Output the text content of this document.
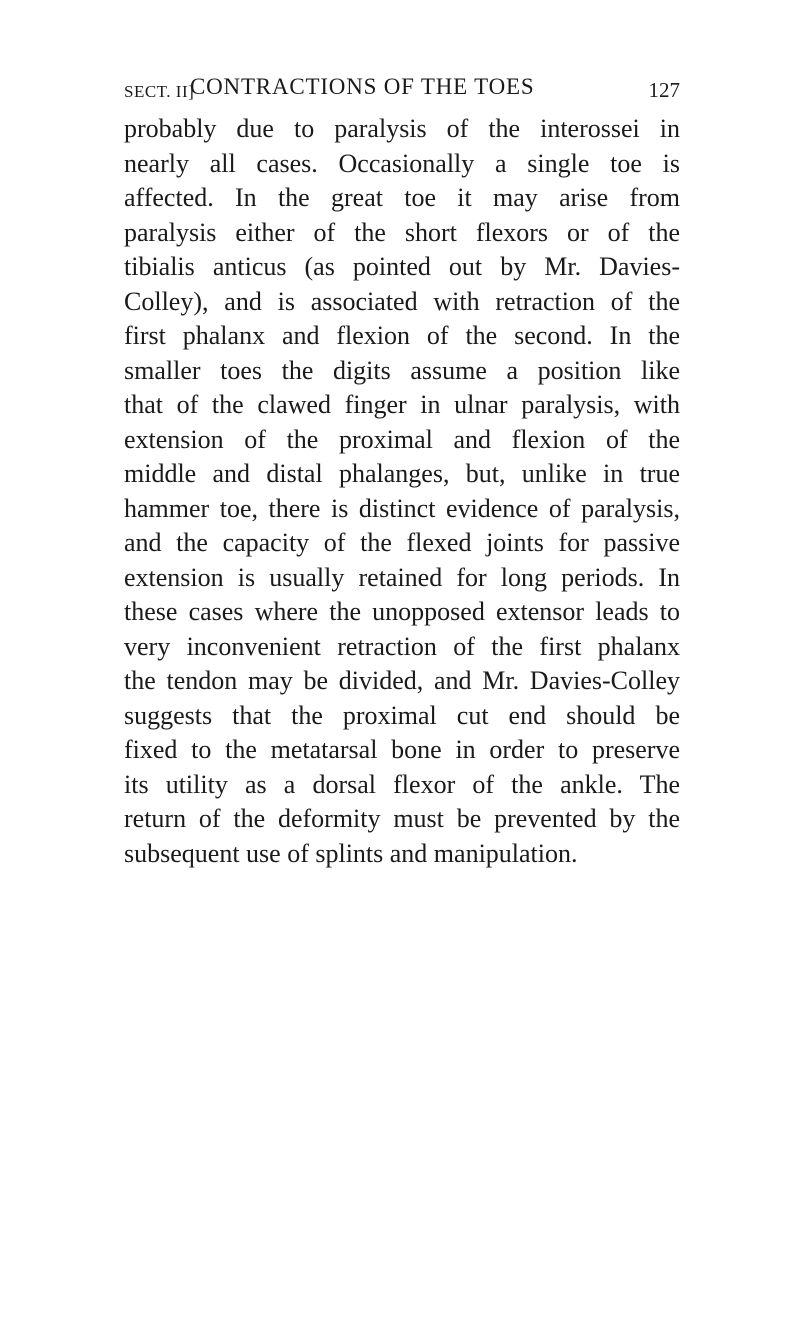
SECT. II]
CONTRACTIONS OF THE TOES	127
probably due to paralysis of the interossei in
nearly all cases. Occasionally a single toe is
affected. In the great toe it may arise from
paralysis either of the short flexors or of the
tibialis anticus (as pointed out by Mr. Davies-
Colley), and is associated with retraction of the
first phalanx and flexion of the second. In the
smaller toes the digits assume a position like
that of the clawed finger in ulnar paralysis, with
extension of the proximal and flexion of the
middle and distal phalanges, but, unlike in true
hammer toe, there is distinct evidence of paralysis,
and the capacity of the flexed joints for passive
extension is usually retained for long periods. In
these cases where the unopposed extensor leads to
very inconvenient retraction of the first phalanx
the tendon may be divided, and Mr. Davies-Colley
suggests that the proximal cut end should be
fixed to the metatarsal bone in order to preserve
its utility as a dorsal flexor of the ankle. The
return of the deformity must be prevented by the
subsequent use of splints and manipulation.
